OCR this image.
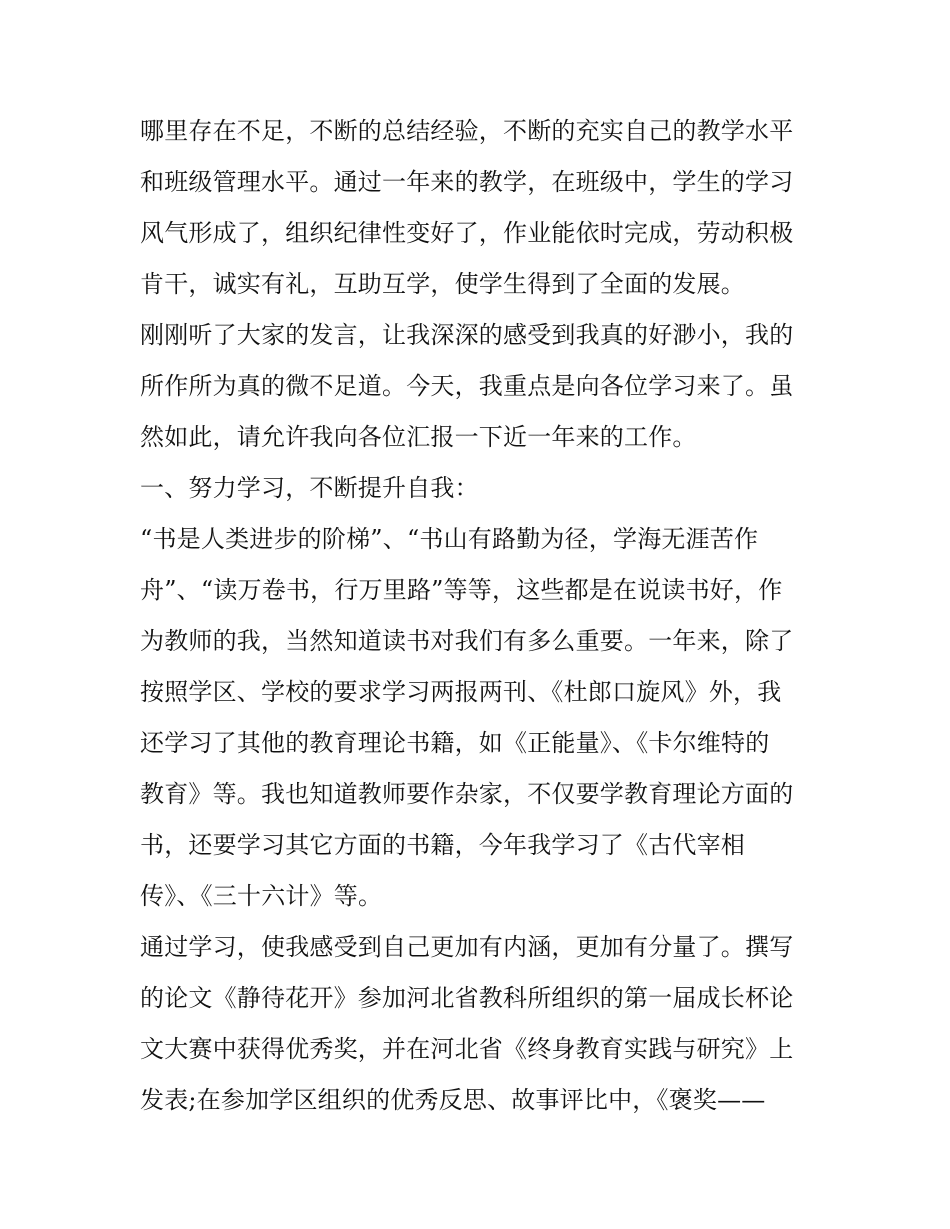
哪里存在不足，不断的总结经验，不断的充实自己的教学水平
和班级管理水平。通过一年来的教学，在班级中，学生的学习
风气形成了，组织纪律性变好了，作业能依时完成，劳动积极
肯干，诚实有礼，互助互学，使学生得到了全面的发展。
刚刚听了大家的发言，让我深深的感受到我真的好渺小，我的
所作所为真的微不足道。今天，我重点是向各位学习来了。虽
然如此，请允许我向各位汇报一下近一年来的工作。
一、努力学习，不断提升自我：
“书是人类进步的阶梯”、“书山有路勤为径，学海无涯苦作
舟”、“读万卷书，行万里路”等等，这些都是在说读书好，作
为教师的我，当然知道读书对我们有多么重要。一年来，除了
按照学区、学校的要求学习两报两刊、《杜郎口旋风》外，我
还学习了其他的教育理论书籍，如《正能量》、《卡尔维特的
教育》等。我也知道教师要作杂家，不仅要学教育理论方面的
书，还要学习其它方面的书籍，今年我学习了《古代宰相
传》、《三十六计》等。
通过学习，使我感受到自己更加有内涵，更加有分量了。撰写
的论文《静待花开》参加河北省教科所组织的第一届成长杯论
文大赛中获得优秀奖，并在河北省《终身教育实践与研究》上
发表;在参加学区组织的优秀反思、故事评比中，《褒奖——
